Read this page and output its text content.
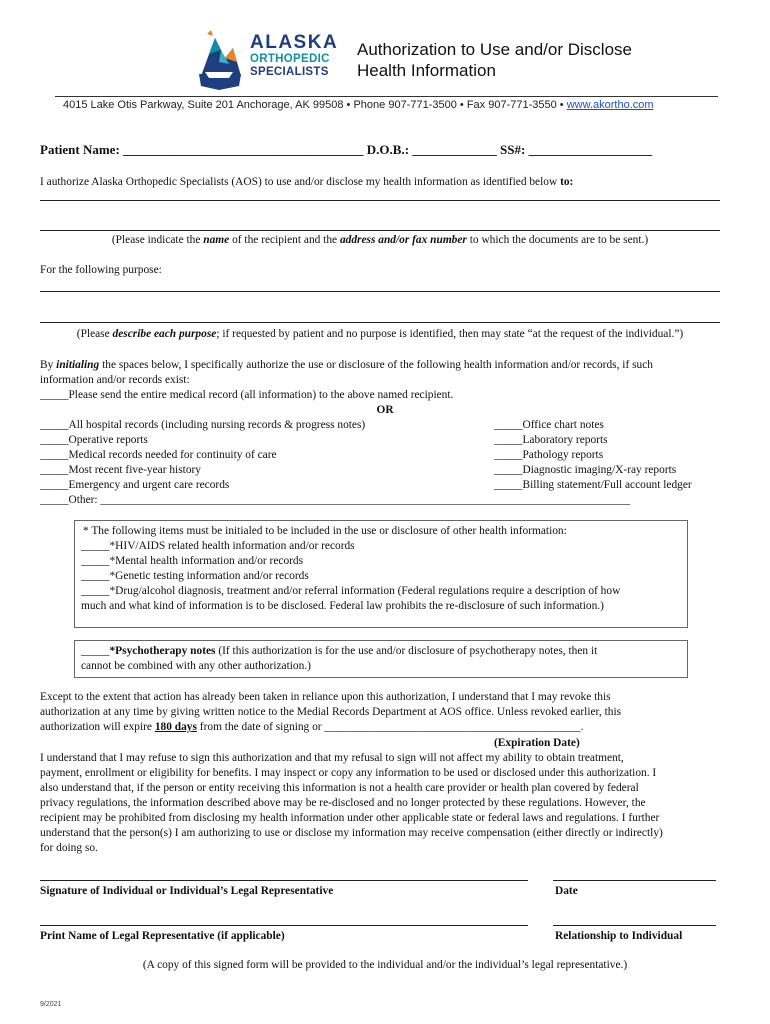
ALASKA
ORTHOPEDIC
SPECIALISTS
Authorization to Use and/or Disclose
Health Information
4015 Lake Otis Parkway, Suite 201 Anchorage, AK 99508 • Phone 907-771-3500 • Fax 907-771-3550 • www.akortho.com
Patient Name: _____________________________________ D.O.B.: _____________ SS#: ___________________
I authorize Alaska Orthopedic Specialists (AOS) to use and/or disclose my health information as identified below to:
(Please indicate the name of the recipient and the address and/or fax number to which the documents are to be sent.)
For the following purpose:
(Please describe each purpose; if requested by patient and no purpose is identified, then may state “at the request of the individual.”)
By initialing the spaces below, I specifically authorize the use or disclosure of the following health information and/or records, if such
information and/or records exist:
_____Please send the entire medical record (all information) to the above named recipient.
OR
_____All hospital records (including nursing records & progress notes)
_____Operative reports
_____Medical records needed for continuity of care
_____Most recent five-year history
_____Emergency and urgent care records
_____Office chart notes
_____Laboratory reports
_____Pathology reports
_____Diagnostic imaging/X-ray reports
_____Billing statement/Full account ledger
_____Other: _____________________________________________________________________________________________
* The following items must be initialed to be included in the use or disclosure of other health information:
_____*HIV/AIDS related health information and/or records
_____*Mental health information and/or records
_____*Genetic testing information and/or records
_____*Drug/alcohol diagnosis, treatment and/or referral information (Federal regulations require a description of how
much and what kind of information is to be disclosed. Federal law prohibits the re-disclosure of such information.)
_____*Psychotherapy notes (If this authorization is for the use and/or disclosure of psychotherapy notes, then it
cannot be combined with any other authorization.)
Except to the extent that action has already been taken in reliance upon this authorization, I understand that I may revoke this
authorization at any time by giving written notice to the Medial Records Department at AOS office. Unless revoked earlier, this
authorization will expire 180 days from the date of signing or _____________________________________________.
(Expiration Date)
I understand that I may refuse to sign this authorization and that my refusal to sign will not affect my ability to obtain treatment,
payment, enrollment or eligibility for benefits. I may inspect or copy any information to be used or disclosed under this authorization. I
also understand that, if the person or entity receiving this information is not a health care provider or health plan covered by federal
privacy regulations, the information described above may be re-disclosed and no longer protected by these regulations. However, the
recipient may be prohibited from disclosing my health information under other applicable state or federal laws and regulations. I further
understand that the person(s) I am authorizing to use or disclose my information may receive compensation (either directly or indirectly)
for doing so.
Signature of Individual or Individual’s Legal Representative	Date
Print Name of Legal Representative (if applicable)	Relationship to Individual
(A copy of this signed form will be provided to the individual and/or the individual’s legal representative.)
9/2021
